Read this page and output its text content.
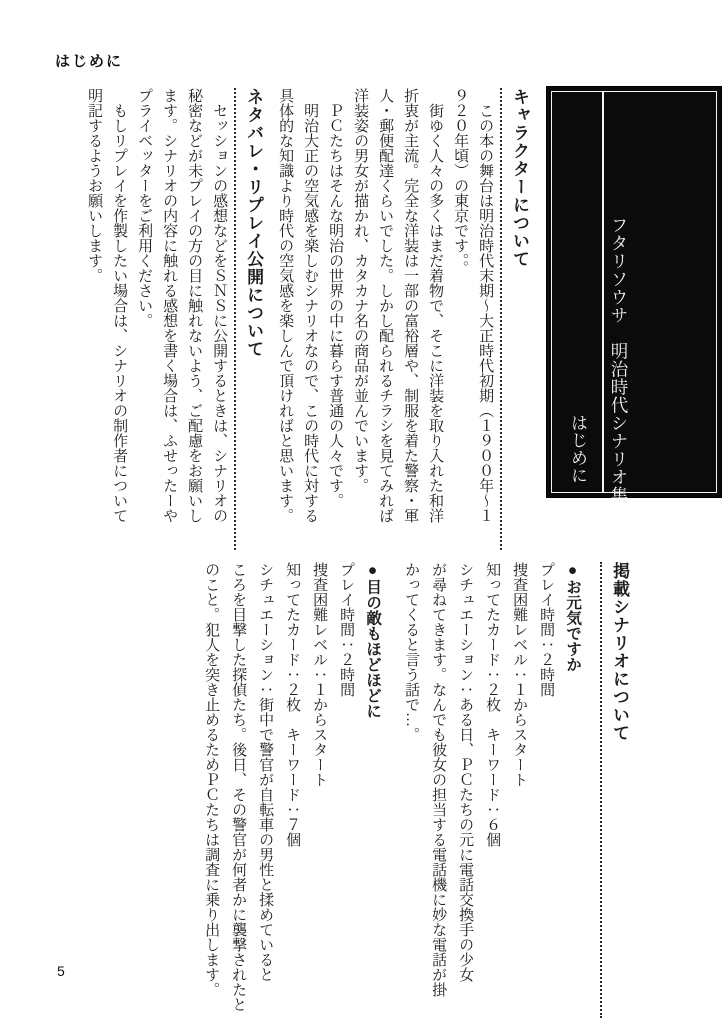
はじめに
フタリソウサ　明治時代シナリオ集
はじめに
キャラクターについて

　この本の舞台は明治時代末期～大正時代初期（１９００年～１

９２０年頃）の東京です。。

　街ゆく人々の多くはまだ着物で、そこに洋装を取り入れた和洋

折衷が主流。完全な洋装は一部の富裕層や、制服を着た警察・軍

人・郵便配達くらいでした。しかし配られるチラシを見てみれば

洋装姿の男女が描かれ、カタカナ名の商品が並んでいます。

　ＰＣたちはそんな明治の世界の中に暮らす普通の人々です。

　明治大正の空気感を楽しむシナリオなので、この時代に対する

具体的な知識より時代の空気感を楽しんで頂ければと思います。

ネタバレ・リプレイ公開について

　セッションの感想などをＳＮＳに公開するときは、シナリオの

秘密などが未プレイの方の目に触れないよう、ご配慮をお願いし

ます。シナリオの内容に触れる感想を書く場合は、ふせったーや

プライベッターをご利用ください。

　もしリプレイを作製したい場合は、シナリオの制作者について

明記するようお願いします。

掲載シナリオについて
●お元気ですか

プレイ時間：２時間

捜査困難レベル：１からスタート

知ってたカード：２枚　キーワード：６個

シチュエーション：ある日、ＰＣたちの元に電話交換手の少女

が尋ねてきます。なんでも彼女の担当する電話機に妙な電話が掛

かってくると言う話で…。

●目の敵もほどほどに

プレイ時間：２時間

捜査困難レベル：１からスタート

知ってたカード：２枚　キーワード：７個

シチュエーション：街中で警官が自転車の男性と揉めていると

ころを目撃した探偵たち。後日、その警官が何者かに襲撃されたと

のこと。犯人を突き止めるためＰＣたちは調査に乗り出します。

5
